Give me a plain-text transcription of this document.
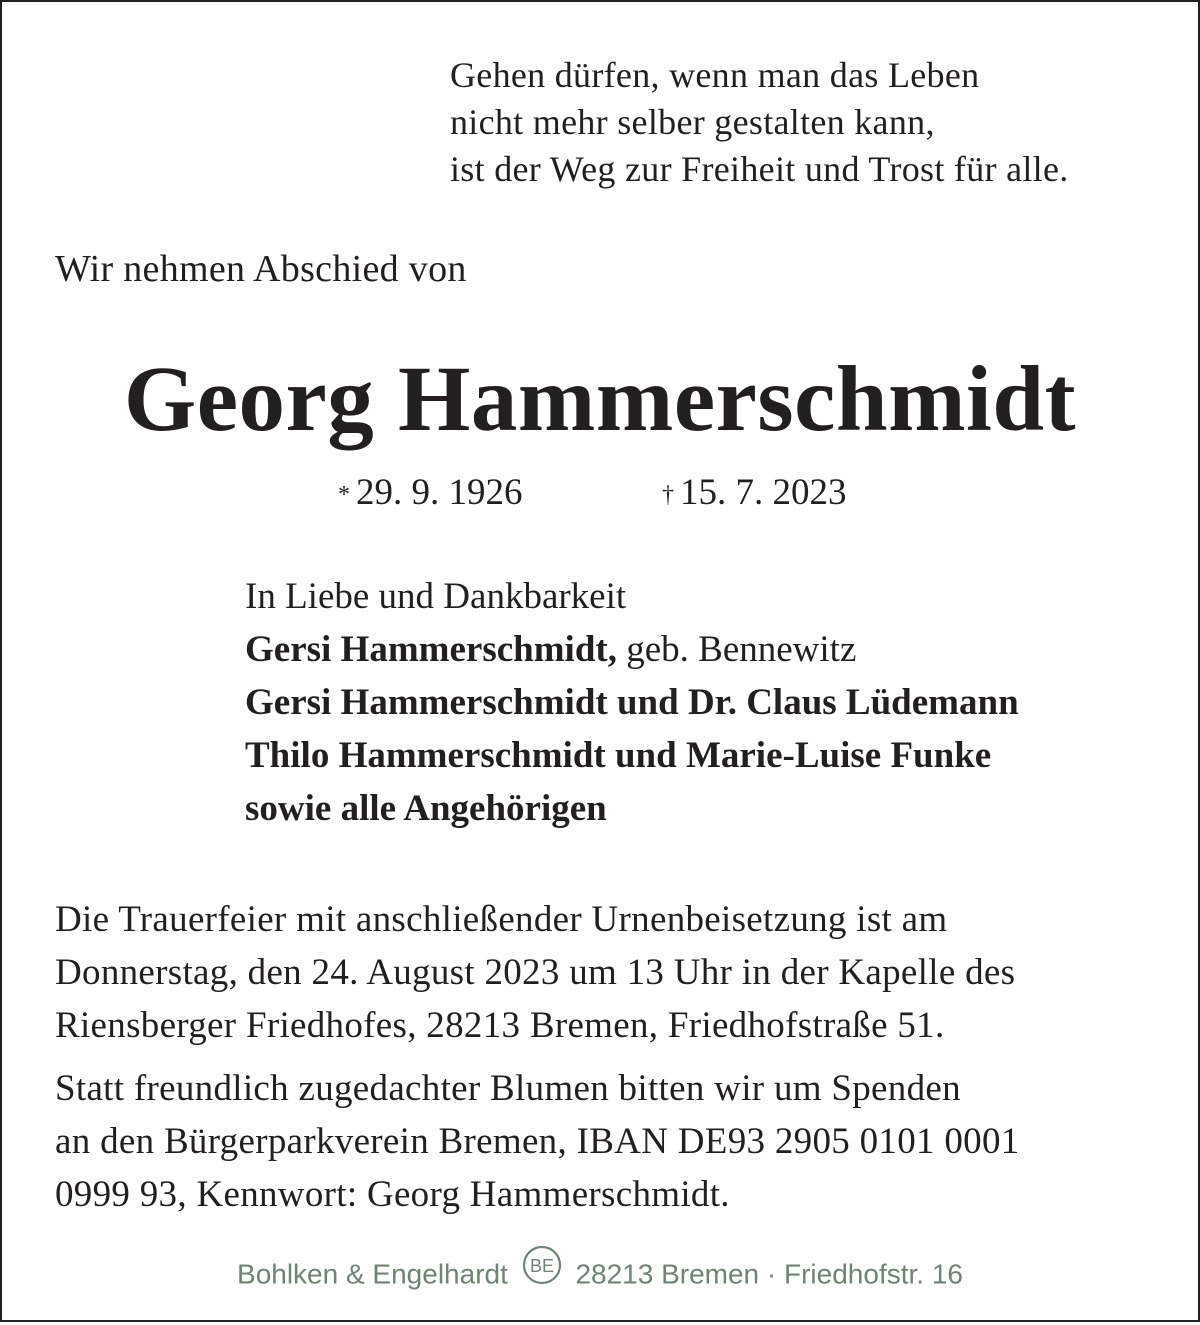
Gehen dürfen, wenn man das Leben
nicht mehr selber gestalten kann,
ist der Weg zur Freiheit und Trost für alle.
Wir nehmen Abschied von
Georg Hammerschmidt
* 29. 9. 1926	† 15. 7. 2023
In Liebe und Dankbarkeit
Gersi Hammerschmidt, geb. Bennewitz
Gersi Hammerschmidt und Dr. Claus Lüdemann
Thilo Hammerschmidt und Marie-Luise Funke
sowie alle Angehörigen
Die Trauerfeier mit anschließender Urnenbeisetzung ist am
Donnerstag, den 24. August 2023 um 13 Uhr in der Kapelle des
Riensberger Friedhofes, 28213 Bremen, Friedhofstraße 51.
Statt freundlich zugedachter Blumen bitten wir um Spenden
an den Bürgerparkverein Bremen, IBAN DE93 2905 0101 0001
0999 93, Kennwort: Georg Hammerschmidt.
Bohlken & Engelhardt BE 28213 Bremen · Friedhofstr. 16
